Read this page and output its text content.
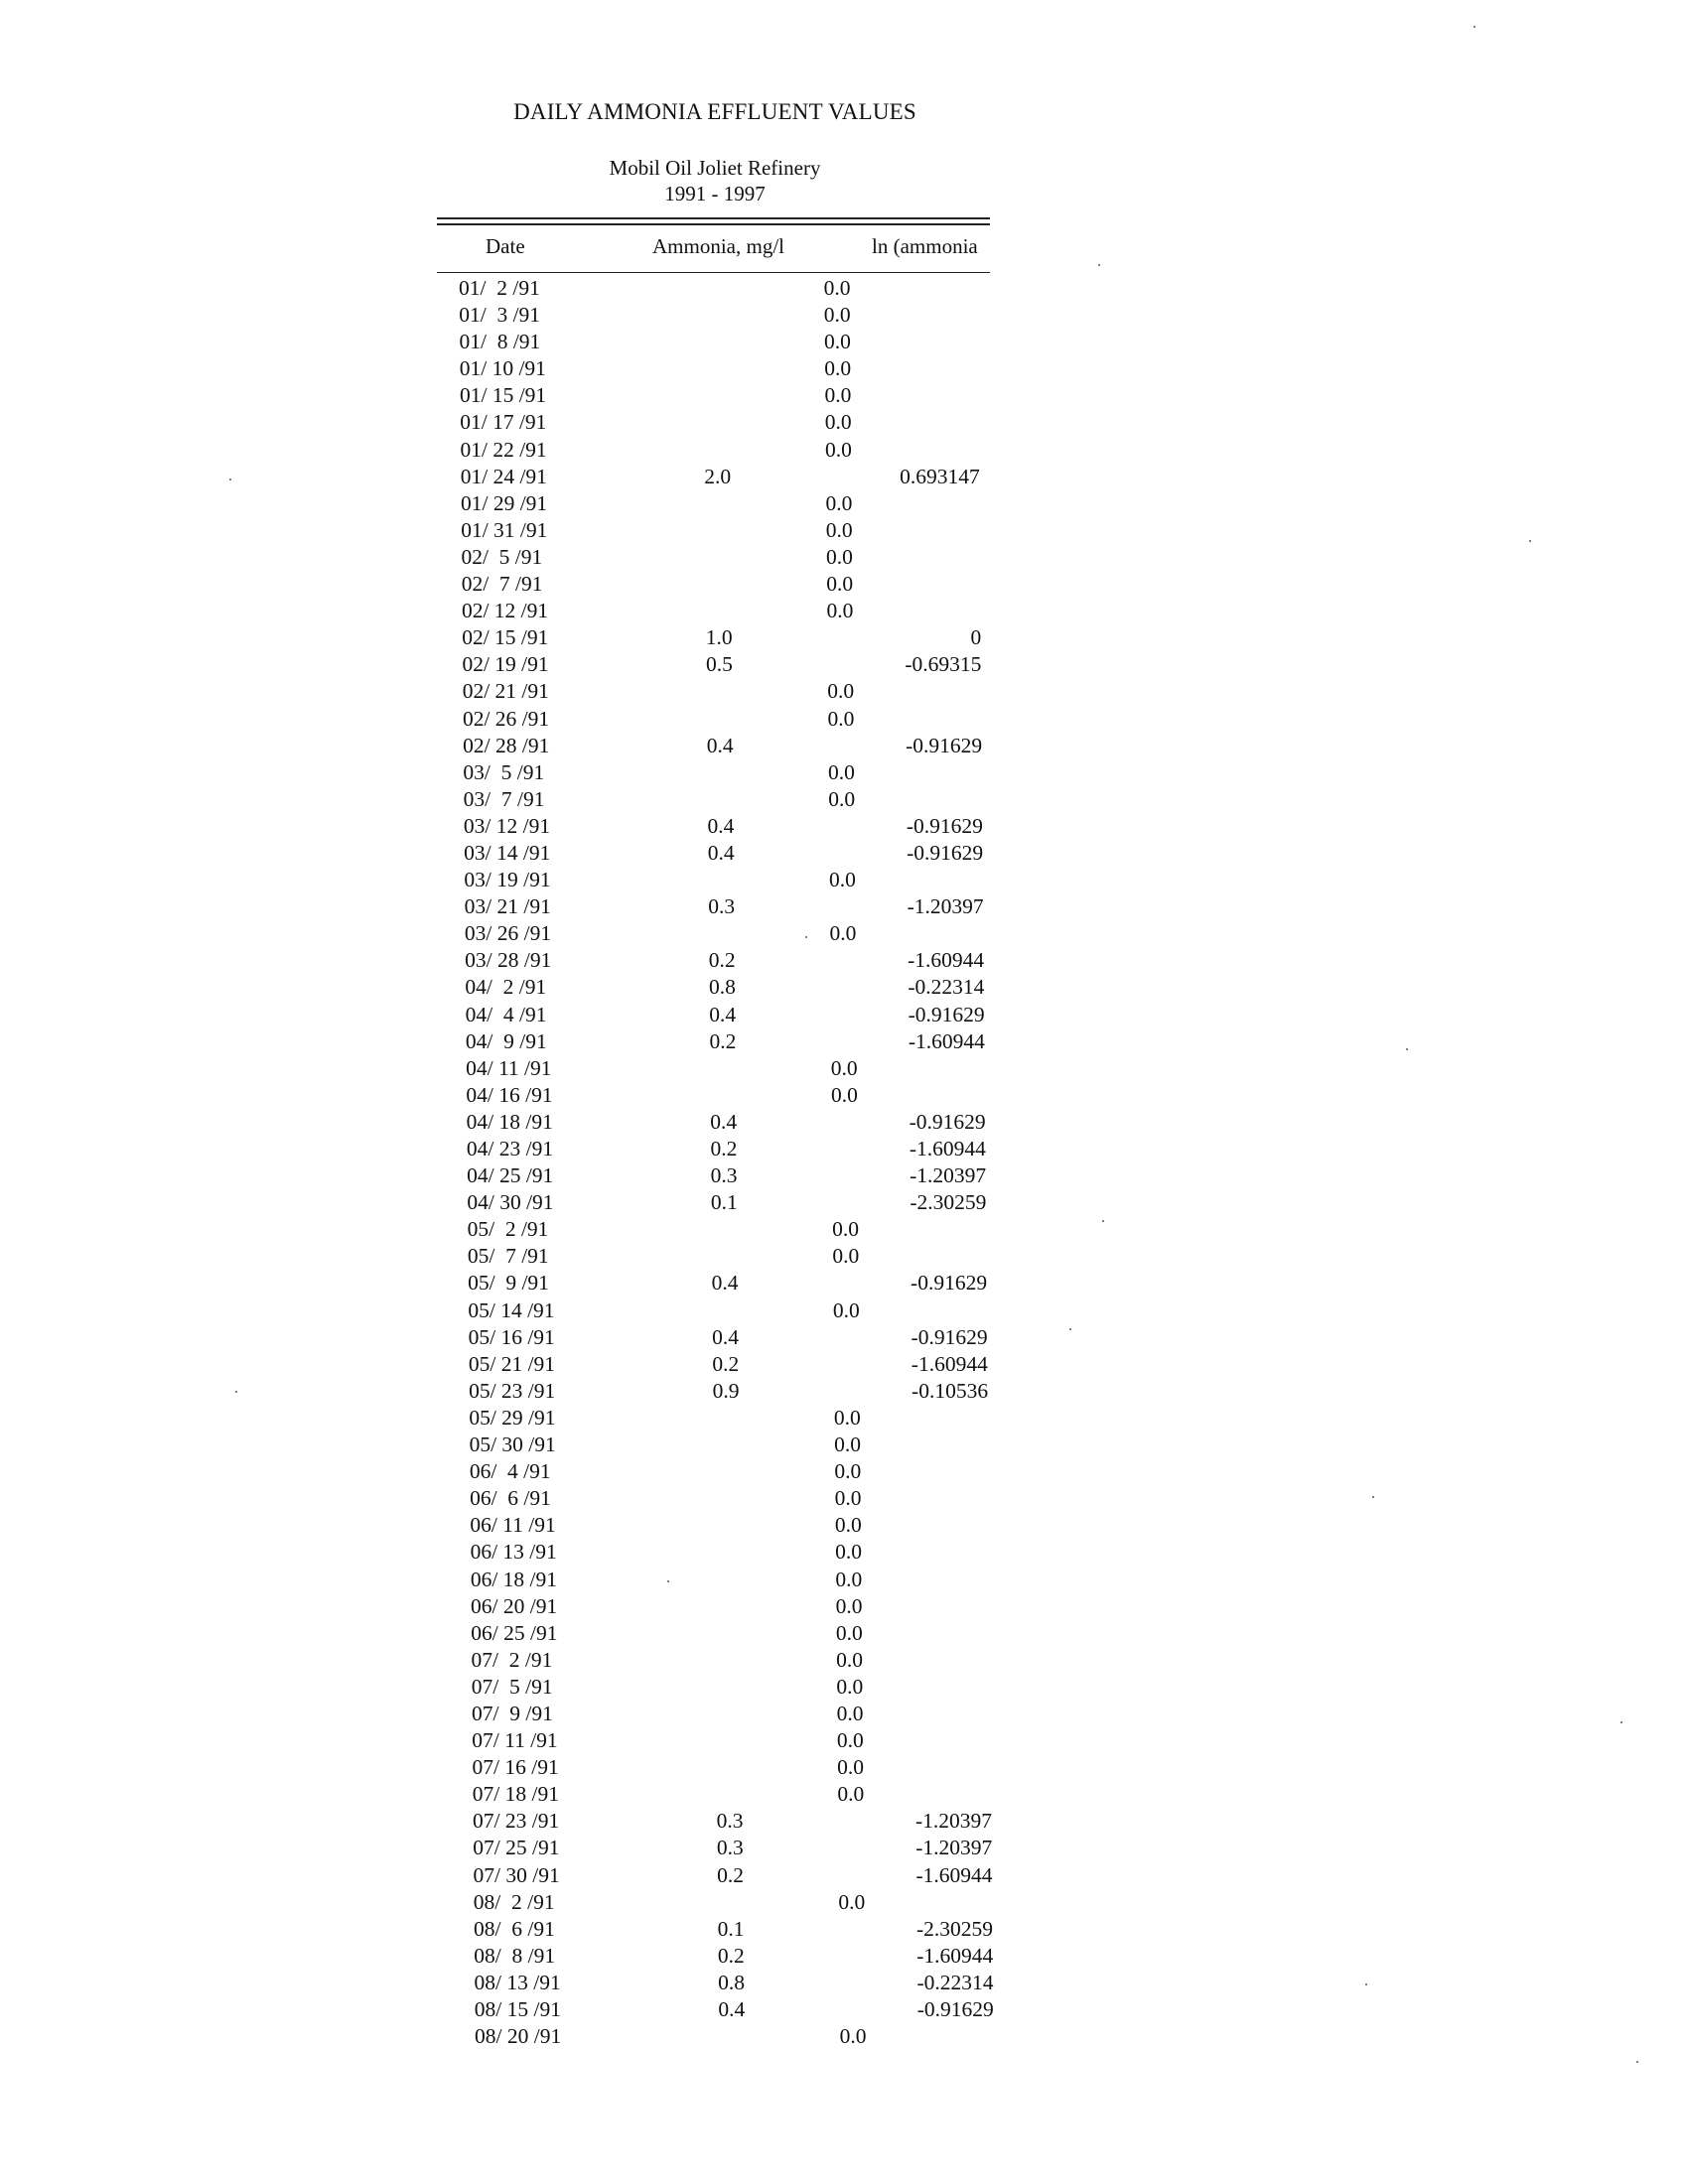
DAILY AMMONIA EFFLUENT VALUES
Mobil Oil Joliet Refinery
1991 - 1997
Date	Ammonia, mg/l	ln (ammonia
01/  2 /91	0.0
01/  3 /91	0.0
01/  8 /91	0.0
01/ 10 /91	0.0
01/ 15 /91	0.0
01/ 17 /91	0.0
01/ 22 /91	0.0
01/ 24 /91	2.0	0.693147
01/ 29 /91	0.0
01/ 31 /91	0.0
02/  5 /91	0.0
02/  7 /91	0.0
02/ 12 /91	0.0
02/ 15 /91	1.0	0
02/ 19 /91	0.5	-0.69315
02/ 21 /91	0.0
02/ 26 /91	0.0
02/ 28 /91	0.4	-0.91629
03/  5 /91	0.0
03/  7 /91	0.0
03/ 12 /91	0.4	-0.91629
03/ 14 /91	0.4	-0.91629
03/ 19 /91	0.0
03/ 21 /91	0.3	-1.20397
03/ 26 /91	0.0
03/ 28 /91	0.2	-1.60944
04/  2 /91	0.8	-0.22314
04/  4 /91	0.4	-0.91629
04/  9 /91	0.2	-1.60944
04/ 11 /91	0.0
04/ 16 /91	0.0
04/ 18 /91	0.4	-0.91629
04/ 23 /91	0.2	-1.60944
04/ 25 /91	0.3	-1.20397
04/ 30 /91	0.1	-2.30259
05/  2 /91	0.0
05/  7 /91	0.0
05/  9 /91	0.4	-0.91629
05/ 14 /91	0.0
05/ 16 /91	0.4	-0.91629
05/ 21 /91	0.2	-1.60944
05/ 23 /91	0.9	-0.10536
05/ 29 /91	0.0
05/ 30 /91	0.0
06/  4 /91	0.0
06/  6 /91	0.0
06/ 11 /91	0.0
06/ 13 /91	0.0
06/ 18 /91	0.0
06/ 20 /91	0.0
06/ 25 /91	0.0
07/  2 /91	0.0
07/  5 /91	0.0
07/  9 /91	0.0
07/ 11 /91	0.0
07/ 16 /91	0.0
07/ 18 /91	0.0
07/ 23 /91	0.3	-1.20397
07/ 25 /91	0.3	-1.20397
07/ 30 /91	0.2	-1.60944
08/  2 /91	0.0
08/  6 /91	0.1	-2.30259
08/  8 /91	0.2	-1.60944
08/ 13 /91	0.8	-0.22314
08/ 15 /91	0.4	-0.91629
08/ 20 /91	0.0
